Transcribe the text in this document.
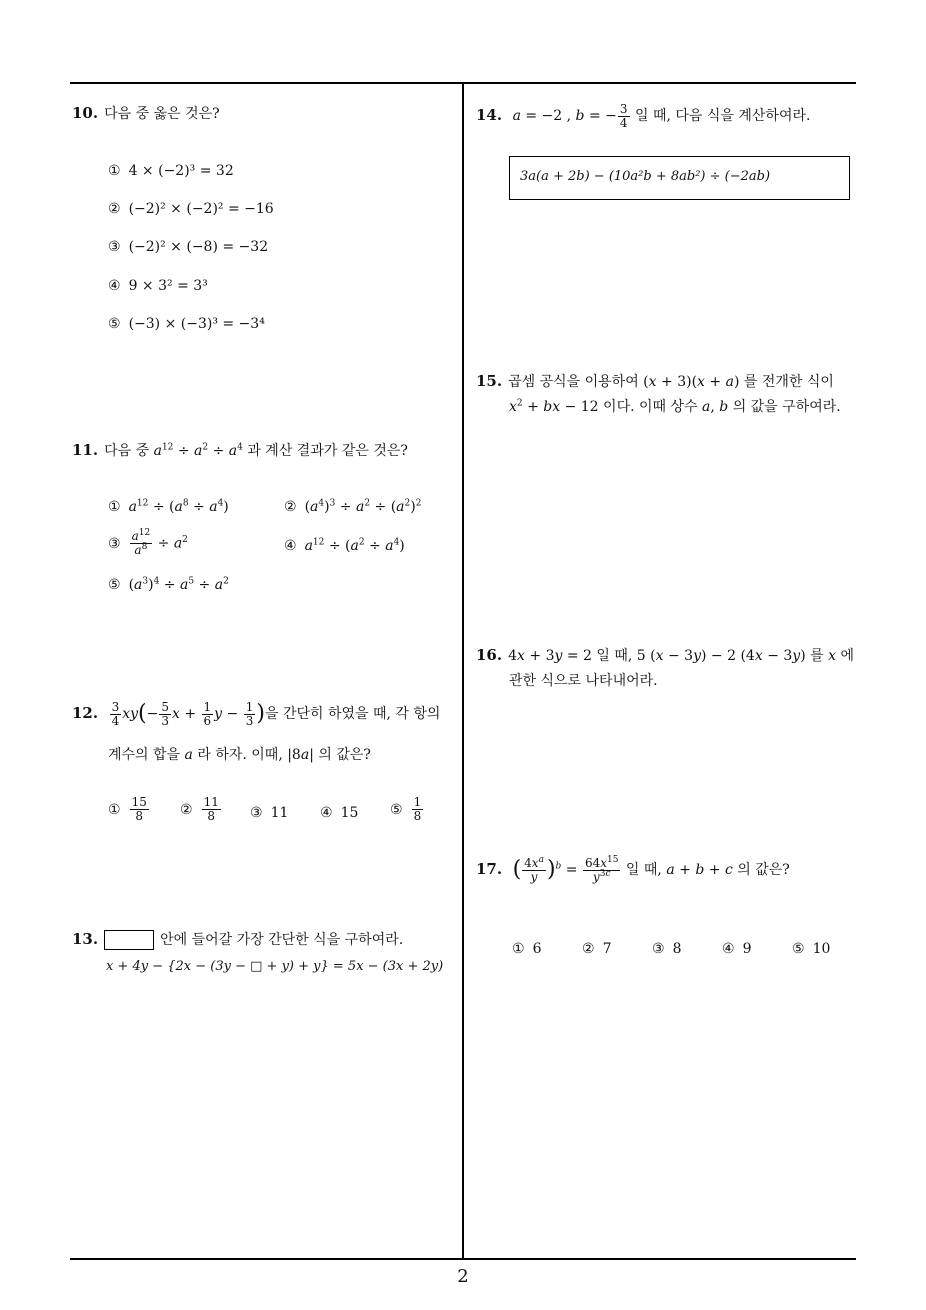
10. 다음 중 옳은 것은?
① 4 × (−2)³ = 32
② (−2)² × (−2)² = −16
③ (−2)² × (−8) = −32
④ 9 × 3² = 3³
⑤ (−3) × (−3)³ = −3⁴
11. 다음 중 $a^{12} \div a^2 \div a^4$ 과 계산 결과가 같은 것은?
① $a^{12} \div (a^8 \div a^4)$	② $(a^4)^3 \div a^2 \div (a^2)^2$
③ $\frac{a^{12}}{a^8} \div a^2$	④ $a^{12} \div (a^2 \div a^4)$
⑤ $(a^3)^4 \div a^5 \div a^2$
12. $\frac{3}{4} xy(- \frac{5}{3}$ $x + \frac{1}{6}$ $y - \frac{1}{3}$ )을 간단히 하였을 때, 각 항의
계수의 합을 a 라 하자. 이때, |8a| 의 값은?
① $\frac{15}{8}$ ② $\frac{11}{8}$ ③ 11 ④ 15 ⑤ $\frac{1}{8}$
13.	안에 들어갈 가장 간단한 식을 구하여라.
x + 4y − {2x − (3y − □ + y) + y} = 5x − (3x + 2y)
14. a = −2 , b = − $\frac{3}{4}$ 일 때, 다음 식을 계산하여라.
3a(a + 2b) − (10a²b + 8ab²) ÷ (−2ab)
15. 곱셈 공식을 이용하여 (x + 3)(x + a) 를 전개한 식이
$x^2$ + bx − 12 이다. 이때 상수 a, b 의 값을 구하여라.
16. 4x + 3y = 2 일 때, 5 (x − 3y) − 2 (4x − 3y) 를 x 에
관한 식으로 나타내어라.
17. ( $\frac{4x^a}{y} )^b = \frac{64x^{15}}{y^{3c}}$ 일 때, a + b + c 의 값은?
① 6	② 7	③ 8	④ 9	⑤ 10
2
